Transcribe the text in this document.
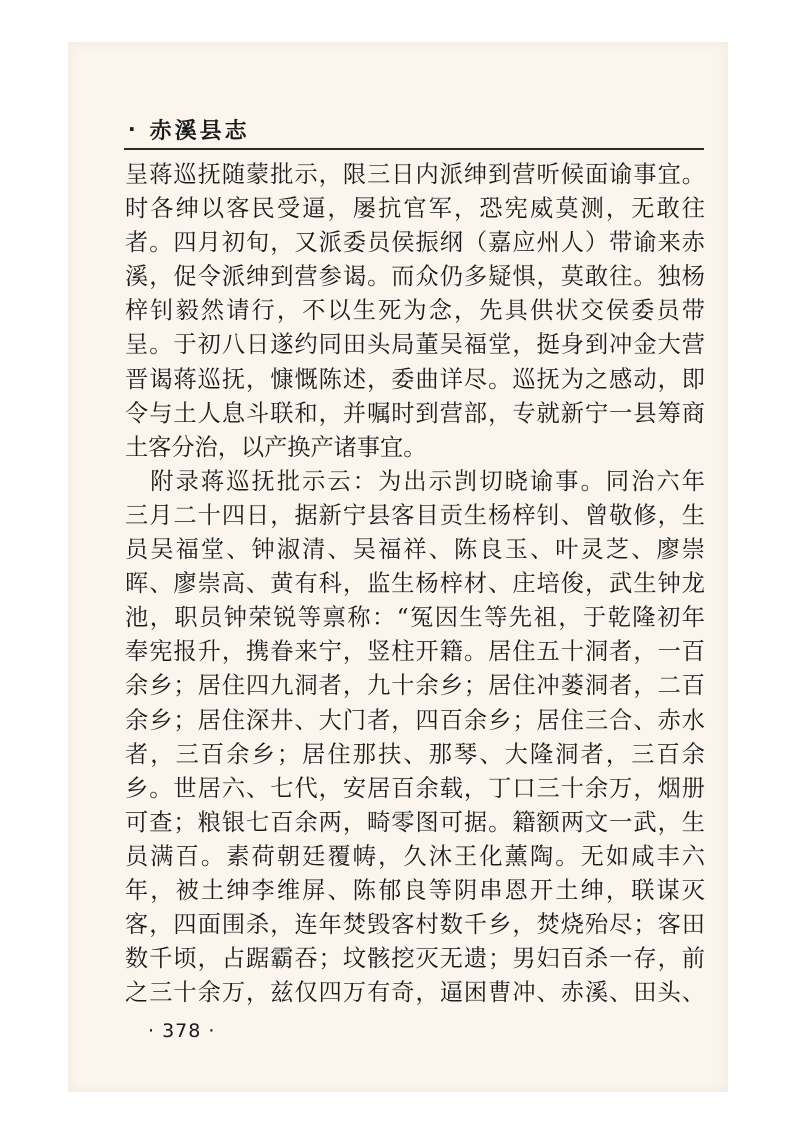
· 赤溪县志
呈蒋巡抚随蒙批示，限三日内派绅到营听候面谕事宜。
时各绅以客民受逼，屡抗官军，恐宪威莫测，无敢往
者。四月初旬，又派委员侯振纲（嘉应州人）带谕来赤
溪，促令派绅到营参谒。而众仍多疑惧，莫敢往。独杨
梓钊毅然请行，不以生死为念，先具供状交侯委员带
呈。于初八日遂约同田头局董吴福堂，挺身到冲金大营
晋谒蒋巡抚，慷慨陈述，委曲详尽。巡抚为之感动，即
令与土人息斗联和，并嘱时到营部，专就新宁一县筹商
土客分治，以产换产诸事宜。
　附录蒋巡抚批示云：为出示剀切晓谕事。同治六年
三月二十四日，据新宁县客目贡生杨梓钊、曾敬修，生
员吴福堂、钟淑清、吴福祥、陈良玉、叶灵芝、廖崇
晖、廖崇高、黄有科，监生杨梓材、庄培俊，武生钟龙
池，职员钟荣锐等禀称：“冤因生等先祖，于乾隆初年
奉宪报升，携眷来宁，竖柱开籍。居住五十洞者，一百
余乡；居住四九洞者，九十余乡；居住冲蒌洞者，二百
余乡；居住深井、大门者，四百余乡；居住三合、赤水
者，三百余乡；居住那扶、那琴、大隆洞者，三百余
乡。世居六、七代，安居百余载，丁口三十余万，烟册
可查；粮银七百余两，畸零图可据。籍额两文一武，生
员满百。素荷朝廷覆帱，久沐王化薰陶。无如咸丰六
年，被土绅李维屏、陈郁良等阴串恩开土绅，联谋灭
客，四面围杀，连年焚毁客村数千乡，焚烧殆尽；客田
数千顷，占踞霸吞；坟骸挖灭无遗；男妇百杀一存，前
之三十余万，兹仅四万有奇，逼困曹冲、赤溪、田头、
· 378 ·
